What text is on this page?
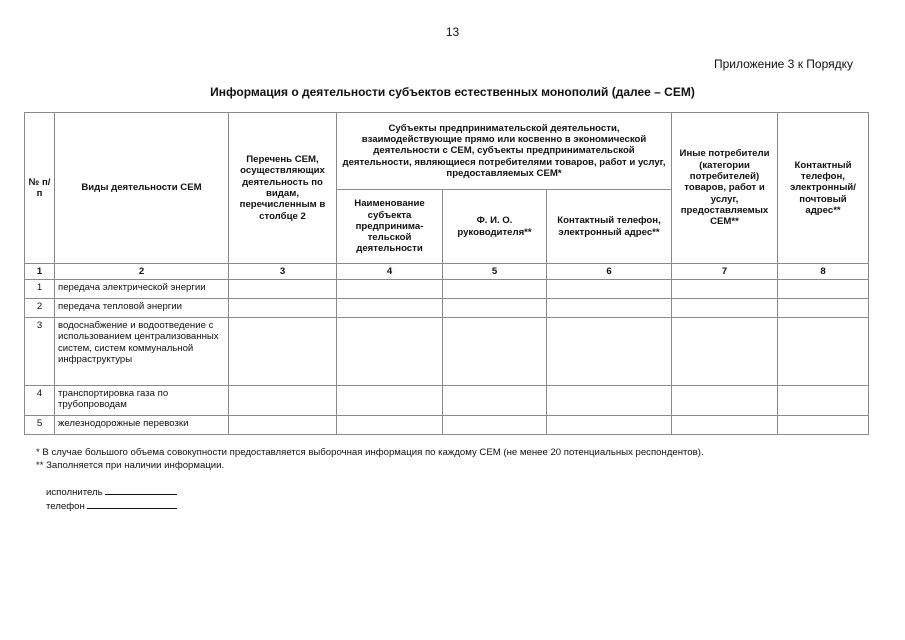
13
Приложение 3 к Порядку
Информация о деятельности субъектов естественных монополий (далее – СЕМ)
№ п/п	Виды деятельности СЕМ	Перечень СЕМ, осуществляющих деятельность по видам, перечисленным в столбце 2	Субъекты предпринимательской деятельности, взаимодействующие прямо или косвенно в экономической деятельности с СЕМ, субъекты предпринимательской деятельности, являющиеся потребителями товаров, работ и услуг, предоставляемых СЕМ*			Иные потребители (категории потребителей) товаров, работ и услуг, предоставляемых СЕМ**	Контактный телефон, электронный/ почтовый адрес**
			Наименование субъекта предпринима-тельской деятельности	Ф. И. О. руководителя**	Контактный телефон, электронный адрес**		
1	2	3	4	5	6	7	8
1	передача электрической энергии						
2	передача тепловой энергии						
3	водоснабжение и водоотведение с использованием централизованных систем, систем коммунальной инфраструктуры						
4	транспортировка газа по трубопроводам						
5	железнодорожные перевозки						
* В случае большого объема совокупности предоставляется выборочная информация по каждому СЕМ (не менее 20 потенциальных респондентов).
** Заполняется при наличии информации.
исполнитель
телефон
